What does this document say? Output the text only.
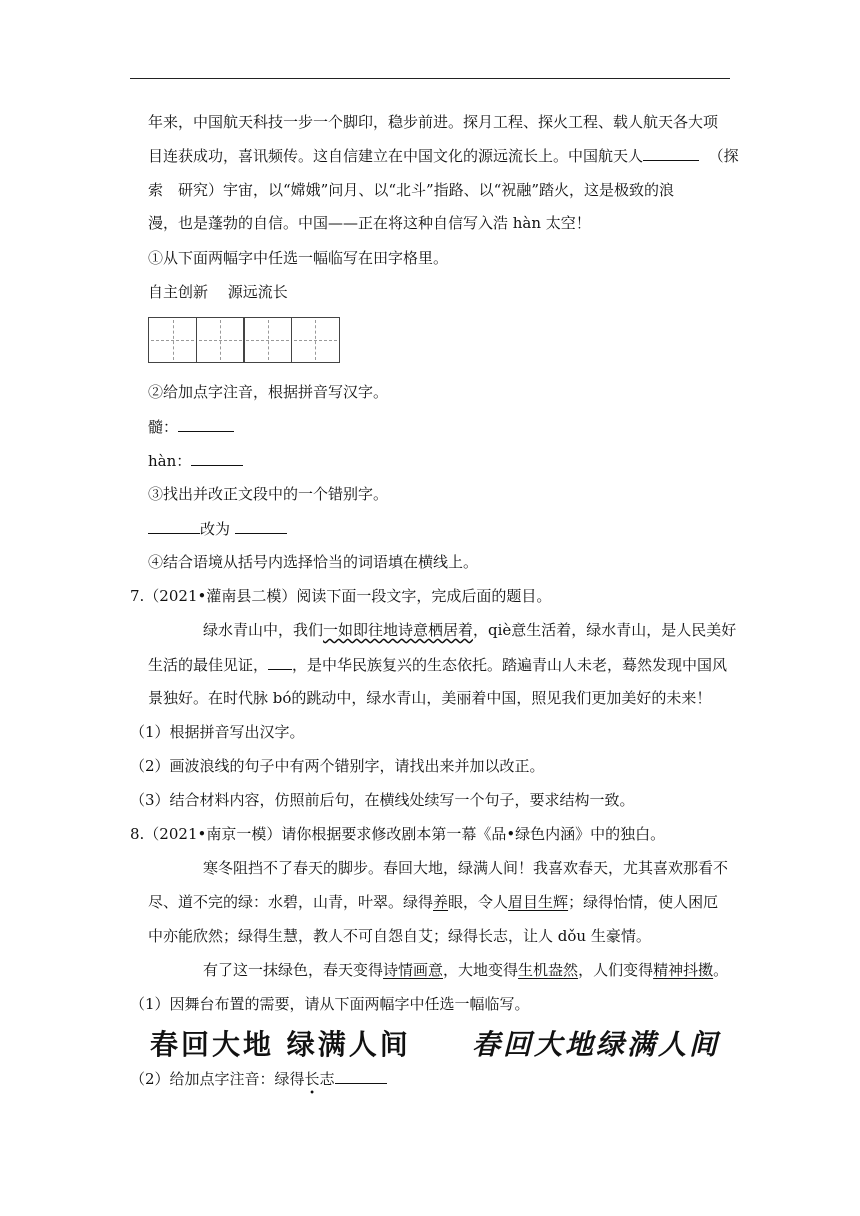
年来，中国航天科技一步一个脚印，稳步前进。探月工程、探火工程、载人航天各大项
目连获成功，喜讯频传。这自信建立在中国文化的源远流长上。中国航天人	（探
索　研究）宇宙，以“嫦娥”问月、以“北斗”指路、以“祝融”踏火，这是极致的浪
漫，也是蓬勃的自信。中国——正在将这种自信写入浩 hàn 太空！
①从下面两幅字中任选一幅临写在田字格里。
自主创新　 源远流长
②给加点字注音，根据拼音写汉字。
髓：
hàn：
③找出并改正文段中的一个错别字。
改为
④结合语境从括号内选择恰当的词语填在横线上。
7.（2021•灌南县二模）阅读下面一段文字，完成后面的题目。
绿水青山中，我们一如即往地诗意栖居着，qiè意生活着，绿水青山，是人民美好
生活的最佳见证， ，是中华民族复兴的生态依托。踏遍青山人未老，蓦然发现中国风
景独好。在时代脉 bó的跳动中，绿水青山，美丽着中国，照见我们更加美好的未来！
（1）根据拼音写出汉字。
（2）画波浪线的句子中有两个错别字，请找出来并加以改正。
（3）结合材料内容，仿照前后句，在横线处续写一个句子，要求结构一致。
8.（2021•南京一模）请你根据要求修改剧本第一幕《品•绿色内涵》中的独白。
寒冬阻挡不了春天的脚步。春回大地，绿满人间！我喜欢春天，尤其喜欢那看不
尽、道不完的绿：水碧，山青，叶翠。绿得养眼，令人眉目生辉；绿得怡情，使人困厄
中亦能欣然；绿得生慧，教人不可自怨自艾；绿得长志，让人 dǒu 生豪情。
有了这一抹绿色，春天变得诗情画意，大地变得生机盎然，人们变得精神抖擞。
（1）因舞台布置的需要，请从下面两幅字中任选一幅临写。
春回大地 绿满人间 春回大地绿满人间
（2）给加点字注音：绿得长志
